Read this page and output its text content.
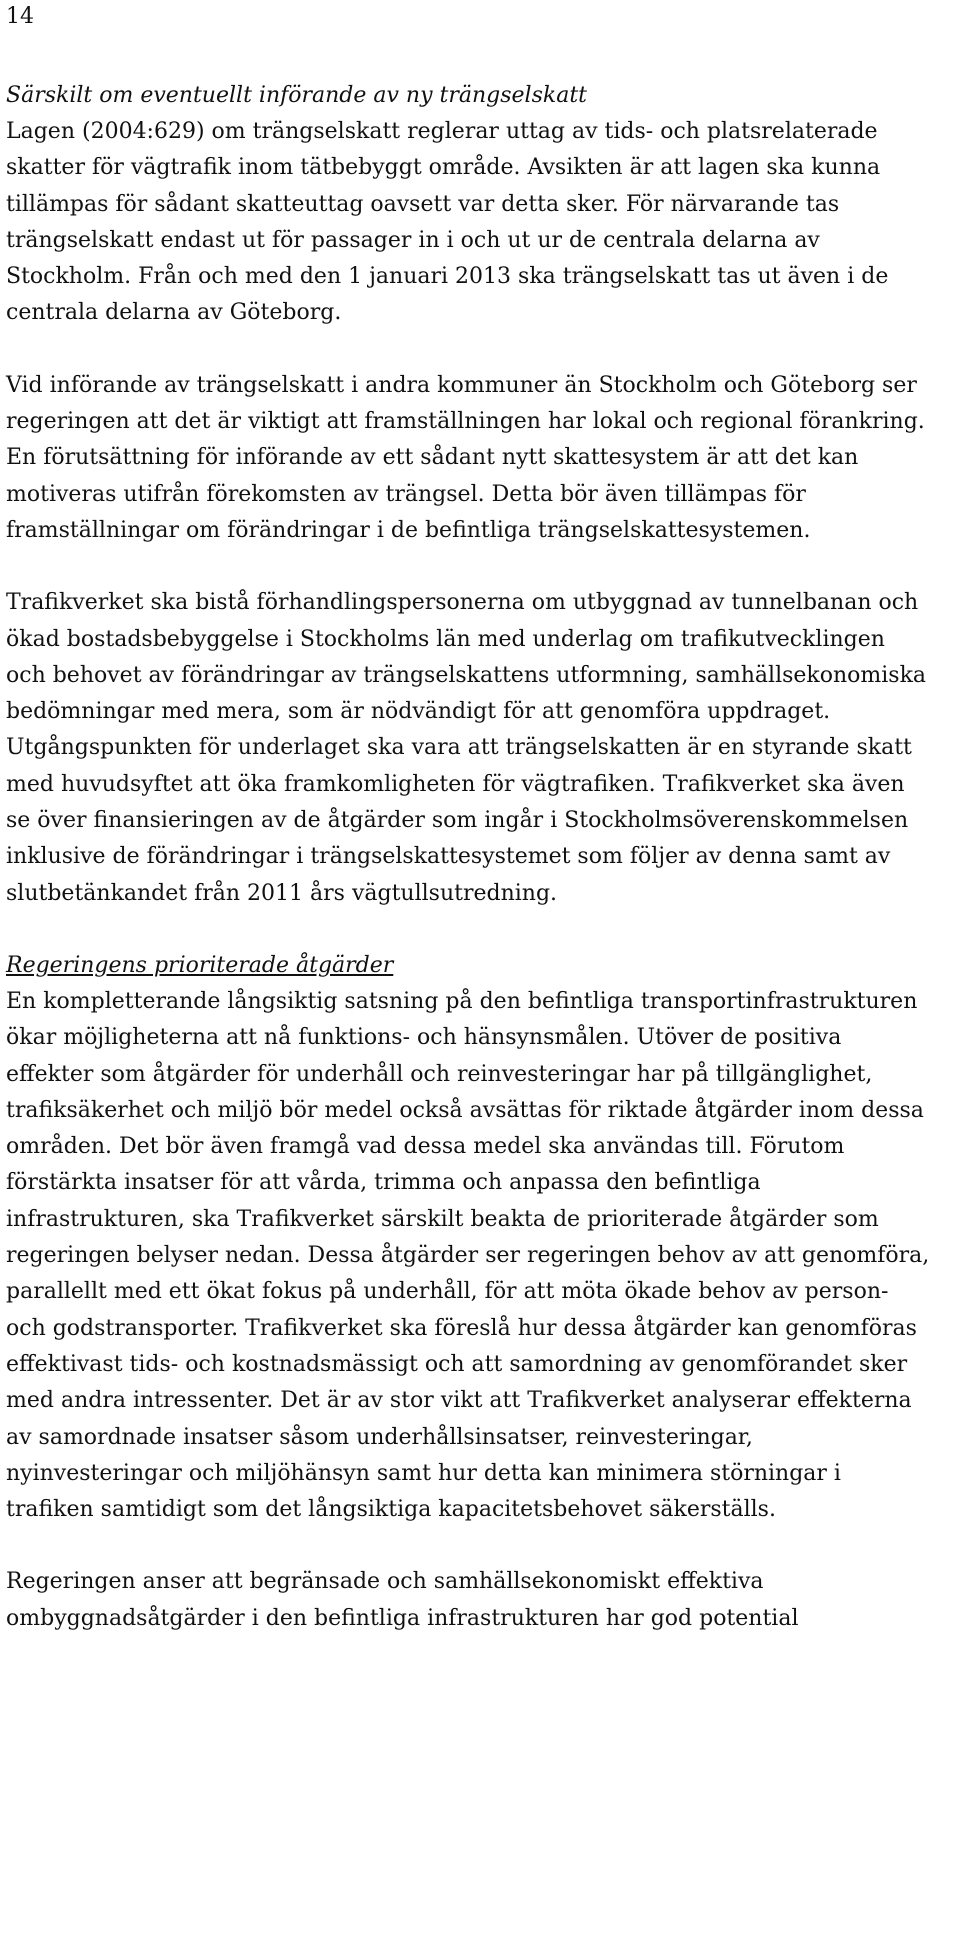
14

Särskilt om eventuellt införande av ny trängselskatt

Lagen (2004:629) om trängselskatt reglerar uttag av tids- och platsrelaterade skatter för vägtrafik inom tätbebyggt område. Avsikten är att lagen ska kunna tillämpas för sådant skatteuttag oavsett var detta sker. För närvarande tas trängselskatt endast ut för passager in i och ut ur de centrala delarna av Stockholm. Från och med den 1 januari 2013 ska trängselskatt tas ut även i de centrala delarna av Göteborg.

Vid införande av trängselskatt i andra kommuner än Stockholm och Göteborg ser regeringen att det är viktigt att framställningen har lokal och regional förankring. En förutsättning för införande av ett sådant nytt skattesystem är att det kan motiveras utifrån förekomsten av trängsel. Detta bör även tillämpas för framställningar om förändringar i de befintliga trängselskattesystemen.

Trafikverket ska bistå förhandlingspersonerna om utbyggnad av tunnelbanan och ökad bostadsbebyggelse i Stockholms län med underlag om trafikutvecklingen och behovet av förändringar av trängselskattens utformning, samhällsekonomiska bedömningar med mera, som är nödvändigt för att genomföra uppdraget. Utgångspunkten för underlaget ska vara att trängselskatten är en styrande skatt med huvudsyftet att öka framkomligheten för vägtrafiken. Trafikverket ska även se över finansieringen av de åtgärder som ingår i Stockholmsöverenskommelsen inklusive de förändringar i trängselskattesystemet som följer av denna samt av slutbetänkandet från 2011 års vägtullsutredning.

Regeringens prioriterade åtgärder

En kompletterande långsiktig satsning på den befintliga transportinfrastrukturen ökar möjligheterna att nå funktions- och hänsynsmålen. Utöver de positiva effekter som åtgärder för underhåll och reinvesteringar har på tillgänglighet, trafiksäkerhet och miljö bör medel också avsättas för riktade åtgärder inom dessa områden. Det bör även framgå vad dessa medel ska användas till. Förutom förstärkta insatser för att vårda, trimma och anpassa den befintliga infrastrukturen, ska Trafikverket särskilt beakta de prioriterade åtgärder som regeringen belyser nedan. Dessa åtgärder ser regeringen behov av att genomföra, parallellt med ett ökat fokus på underhåll, för att möta ökade behov av person- och godstransporter. Trafikverket ska föreslå hur dessa åtgärder kan genomföras effektivast tids- och kostnadsmässigt och att samordning av genomförandet sker med andra intressenter. Det är av stor vikt att Trafikverket analyserar effekterna av samordnade insatser såsom underhållsinsatser, reinvesteringar, nyinvesteringar och miljöhänsyn samt hur detta kan minimera störningar i trafiken samtidigt som det långsiktiga kapacitetsbehovet säkerställs.

Regeringen anser att begränsade och samhällsekonomiskt effektiva ombyggnadsåtgärder i den befintliga infrastrukturen har god potential
